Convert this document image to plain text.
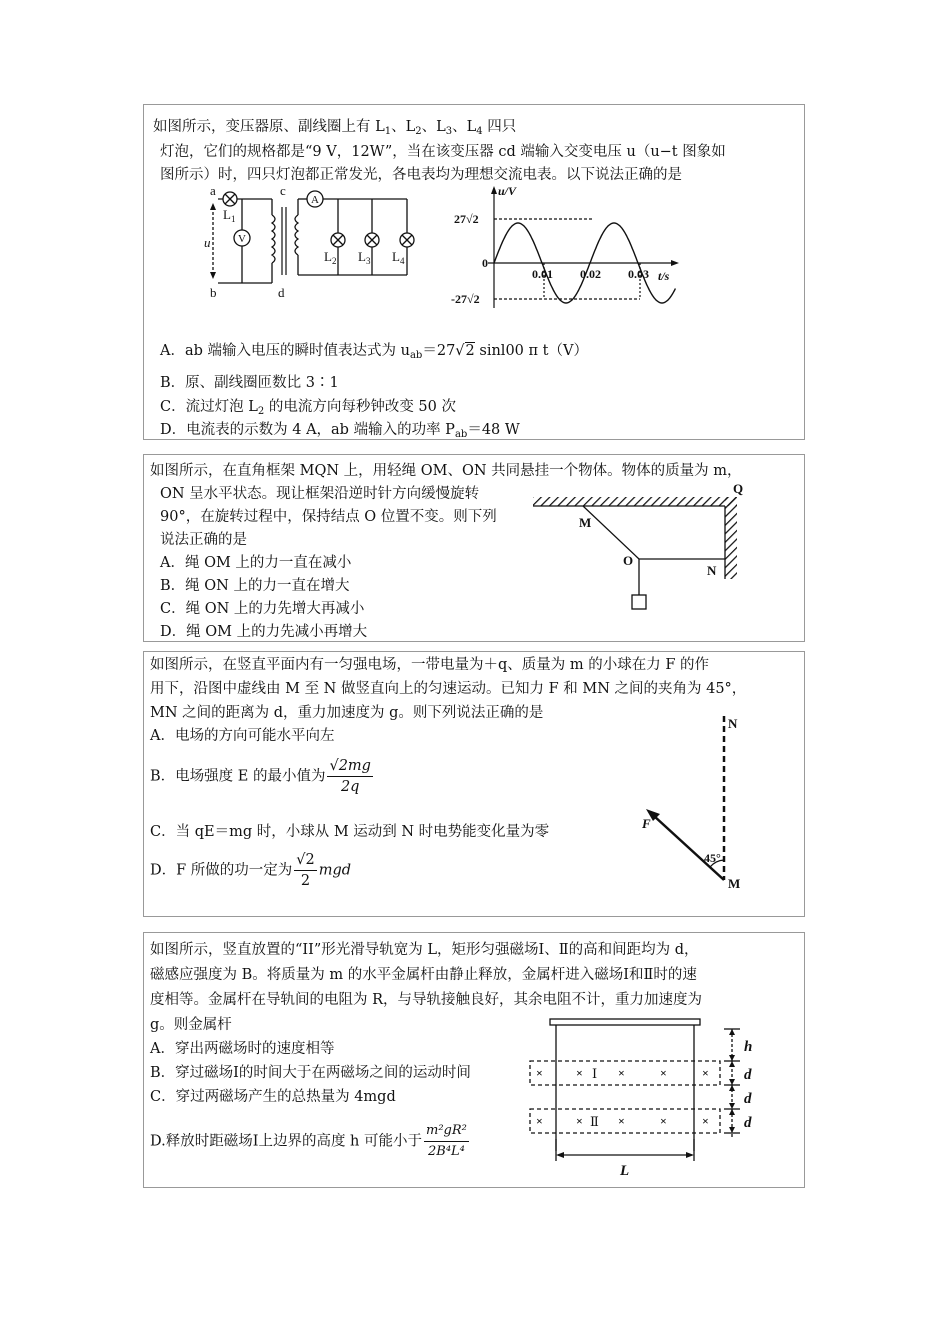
如图所示，变压器原、副线圈上有 $L_1$、$L_2$、$L_3$、$L_4$ 四只
灯泡，它们的规格都是“9 V，12W”，当在该变压器 cd 端输入交变电压 u（u−t 图象如
图所示）时，四只灯泡都正常发光，各电表均为理想交流电表。以下说法正确的是
a
b
c
d
u
L 1
V
A
L 2 L 3 L 4
u/V
t/s
27√2
-27√2
0
0.01 0.02 0.03
A．ab 端输入电压的瞬时值表达式为 $u_{ab}=27√2$ sinl00 π t（V）
B．原、副线圈匝数比 3∶1
C．流过灯泡 $L_2$ 的电流方向每秒钟改变 50 次
D．电流表的示数为 4 A，ab 端输入的功率 $P_{ab}=48$ W
如图所示，在直角框架 MQN 上，用轻绳 OM、ON 共同悬挂一个物体。物体的质量为 m，
ON 呈水平状态。现让框架沿逆时针方向缓慢旋转
90°，在旋转过程中，保持结点 O 位置不变。则下列
说法正确的是
A．绳 OM 上的力一直在减小
B．绳 ON 上的力一直在增大
C．绳 ON 上的力先增大再减小
D．绳 OM 上的力先减小再增大
M
Q
O
N
如图所示，在竖直平面内有一匀强电场，一带电量为＋q、质量为 m 的小球在力 F 的作
用下，沿图中虚线由 M 至 N 做竖直向上的匀速运动。已知力 F 和 MN 之间的夹角为 45°，
MN 之间的距离为 d，重力加速度为 g。则下列说法正确的是
A．电场的方向可能水平向左
B．电场强度 E 的最小值为 $\frac{√2mg}{2q}$
C．当 qE＝mg 时，小球从 M 运动到 N 时电势能变化量为零
D．F 所做的功一定为 $\frac{√2}{2}$ mgd
N
M
F
45°
如图所示，竖直放置的“II”形光滑导轨宽为 L，矩形匀强磁场Ⅰ、Ⅱ的高和间距均为 d，
磁感应强度为 B。将质量为 m 的水平金属杆由静止释放，金属杆进入磁场Ⅰ和Ⅱ时的速
度相等。金属杆在导轨间的电阻为 R，与导轨接触良好，其余电阻不计，重力加速度为
g。则金属杆
A．穿出两磁场时的速度相等
B．穿过磁场Ⅰ的时间大于在两磁场之间的运动时间
C．穿过两磁场产生的总热量为 4mgd
D.释放时距磁场Ⅰ上边界的高度 h 可能小于 $\frac{\text{m²gR²}}{\text{2B⁴L⁴}}$
×	×	×	×	×
×	×	×	×	×
Ⅰ
Ⅱ
h
d
d
d
L
